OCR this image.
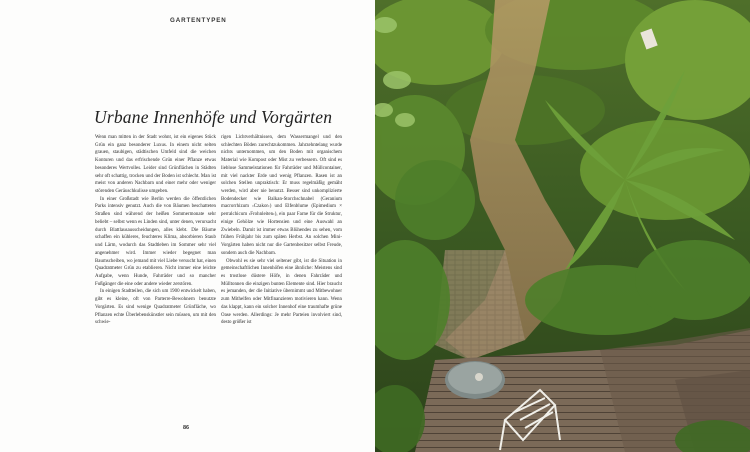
GARTENTYPEN
Urbane Innenhöfe und Vorgärten

Wenn man mitten in der Stadt wohnt, ist ein eigenes Stück Grün ein ganz besonderer Luxus. In einem nicht selten grauen, staubigen, städtischen Umfeld sind die weichen Konturen und das erfrischende Grün einer Pflanze etwas besonderes Wertvolles. Leider sind Grünflächen in Städten sehr oft schattig, trocken und der Boden ist schlecht. Man ist meist von anderen Nachbarn und einer mehr oder weniger störenden Geräuschkulisse umgeben.

In einer Großstadt wie Berlin werden die öffentlichen Parks intensiv genutzt. Auch die von Bäumen beschatteten Straßen sind während der heißen Sommermonate sehr beliebt – selbst wenn es Linden sind, unter denen, verursacht durch Blattlausausscheidungen, alles klebt. Die Bäume schaffen ein kühleres, feuchteres Klima, absorbieren Staub und Lärm, wodurch das Stadtleben im Sommer sehr viel angenehmer wird. Immer wieder begegnet man Baumscheiben, wo jemand mit viel Liebe versucht hat, einen Quadratmeter Grün zu etablieren. Nicht immer eine leichte Aufgabe, wenn Hunde, Fahrräder und so mancher Fußgänger die eine oder andere wieder zerstören.

In einigen Stadtteilen, die sich um 1900 entwickelt haben, gibt es kleine, oft von Parterre-Bewohnern benutzte Vorgärten. Es sind wenige Quadratmeter Grünfläche, wo Pflanzen echte Überlebenskünstler sein müssen, um mit den schwie-

rigen Lichtverhältnissen, dem Wassermangel und den schlechten Böden zurechtzukommen. Jahrzehntelang wurde nichts unternommen, um den Boden mit organischem Material wie Kompost oder Mist zu verbessern. Oft sind es lieblose Sammelstationen für Fahrräder und Müllcontainer, mit viel nackter Erde und wenig Pflanzen. Rasen ist an solchen Stellen unpraktisch: Er muss regelmäßig gemäht werden, wird aber nie benutzt. Besser sind unkomplizierte Bodendecker wie Balkan-Storchschnabel (Geranium macrorrhizum ›Czakor‹) und Elfenblume (Epimedium × perralchicum ›Frohnleiten‹), ein paar Farne für die Struktur, einige Gehölze wie Hortensien und eine Auswahl an Zwiebeln. Damit ist immer etwas Blühendes zu sehen, vom frühen Frühjahr bis zum späten Herbst. An solchen Mini-Vorgärten haben nicht nur die Gartenbesitzer selbst Freude, sondern auch die Nachbarn.

Obwohl es sie sehr viel seltener gibt, ist die Situation in gemeinschaftlichen Innenhöfen eine ähnliche: Meistens sind es trostlose düstere Höfe, in denen Fahrräder und Mülltonnen die einzigen bunten Elemente sind. Hier braucht es jemanden, der die Initiative übernimmt und Mitbewohner zum Mithelfen oder Mitfinanzieren motivieren kann. Wenn das klappt, kann ein solcher Innenhof eine traumhafte grüne Oase werden. Allerdings: Je mehr Parteien involviert sind, desto größer ist

86
